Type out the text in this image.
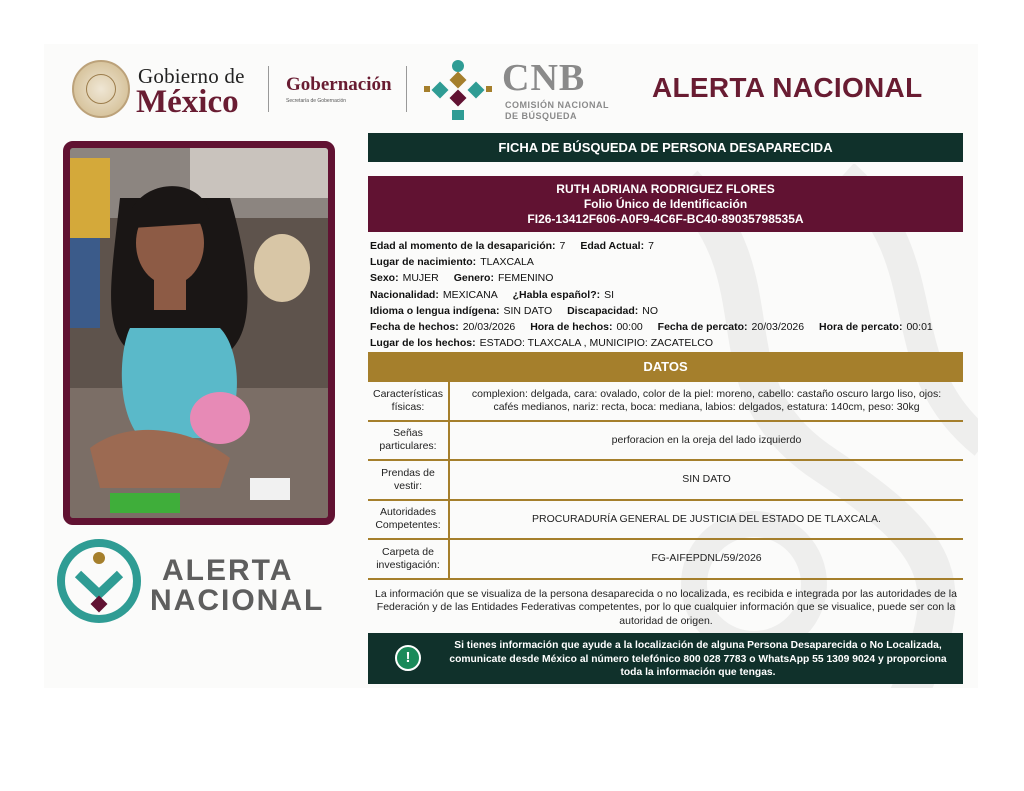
Gobierno de
México Gobernación
Secretaría de Gobernación
CNB
COMISIÓN NACIONAL
DE BÚSQUEDA
ALERTA NACIONAL
ALERTA
NACIONAL
FICHA DE BÚSQUEDA DE PERSONA DESAPARECIDA
RUTH ADRIANA RODRIGUEZ FLORES
Folio Único de Identificación
FI26-13412F606-A0F9-4C6F-BC40-89035798535A
Edad al momento de la desaparición: 7 Edad Actual: 7
Lugar de nacimiento: TLAXCALA
Sexo: MUJER Genero: FEMENINO
Nacionalidad: MEXICANA ¿Habla español?: SI
Idioma o lengua indígena: SIN DATO Discapacidad: NO
Fecha de hechos: 20/03/2026 Hora de hechos: 00:00 Fecha de percato: 20/03/2026 Hora de percato: 00:01
Lugar de los hechos: ESTADO: TLAXCALA , MUNICIPIO: ZACATELCO
DATOS
Características físicas:
complexion: delgada, cara: ovalado, color de la piel: moreno, cabello: castaño oscuro largo liso, ojos: cafés medianos, nariz: recta, boca: mediana, labios: delgados, estatura: 140cm, peso: 30kg
Señas particulares:
perforacion en la oreja del lado izquierdo
Prendas de vestir:
SIN DATO
Autoridades Competentes:
PROCURADURÍA GENERAL DE JUSTICIA DEL ESTADO DE TLAXCALA.
Carpeta de investigación:
FG-AIFEPDNL/59/2026
La información que se visualiza de la persona desaparecida o no localizada, es recibida e integrada por las autoridades de la Federación y de las Entidades Federativas competentes, por lo que cualquier información que se visualice, puede ser con la autoridad de origen.
!
Si tienes información que ayude a la localización de alguna Persona Desaparecida o No Localizada, comunicate desde México al número telefónico 800 028 7783 o WhatsApp 55 1309 9024 y proporciona toda la información que tengas.
